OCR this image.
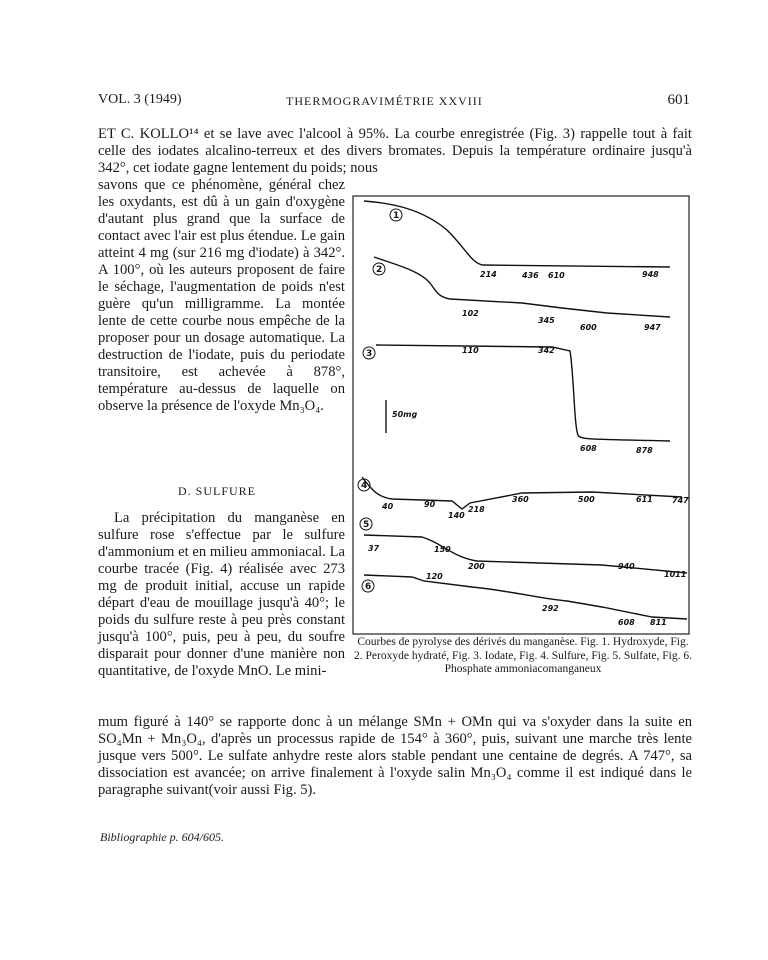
VOL. 3 (1949)	THERMOGRAVIMÉTRIE XXVIII	601

ET C. KOLLO¹⁴ et se lave avec l'alcool à 95%. La courbe enregistrée (Fig. 3) rappelle tout à fait celle des iodates alcalino-terreux et des divers bromates. Depuis la température ordinaire jusqu'à 342°, cet iodate gagne lentement du poids; nous

savons que ce phénomène, général chez les oxydants, est dû à un gain d'oxygène d'autant plus grand que la surface de contact avec l'air est plus étendue. Le gain atteint 4 mg (sur 216 mg d'iodate) à 342°. A 100°, où les auteurs proposent de faire le séchage, l'augmentation de poids n'est guère qu'un milligramme. La montée lente de cette courbe nous empêche de la proposer pour un dosage automatique. La destruction de l'iodate, puis du periodate transitoire, est achevée à 878°, température au-dessus de laquelle on observe la présence de l'oxyde Mn₃O₄.

D. SULFURE

La précipitation du manganèse en sulfure rose s'effectue par le sulfure d'ammonium et en milieu ammoniacal. La courbe tracée (Fig. 4) réalisée avec 273 mg de produit initial, accuse un rapide départ d'eau de mouillage jusqu'à 40°; le poids du sulfure reste à peu près constant jusqu'à 100°, puis, peu à peu, du soufre disparait pour donner d'une manière non quantitative, de l'oxyde MnO. Le mini-

mum figuré à 140° se rapporte donc à un mélange SMn + OMn qui va s'oxyder dans la suite en SO₄Mn + Mn₃O₄, d'après un processus rapide de 154° à 360°, puis, suivant une marche très lente jusque vers 500°. Le sulfate anhydre reste alors stable pendant une centaine de degrés. A 747°, sa dissociation est avancée; on arrive finalement à l'oxyde salin Mn₃O₄ comme il est indiqué dans le paragraphe suivant(voir aussi Fig. 5).

Bibliographie p. 604/605.
1
2
3
4
5
6
50mg
214	436 610	948
102
345
600	947
110	342
608	878
40	90
140
218
360	500	611 747
37	150
200	940
1011
120
292
608 811
Courbes de pyrolyse des dérivés du manganèse. Fig. 1. Hydroxyde, Fig. 2. Peroxyde hydraté, Fig. 3. Iodate, Fig. 4. Sulfure, Fig. 5. Sulfate, Fig. 6. Phosphate ammoniacomanganeux
